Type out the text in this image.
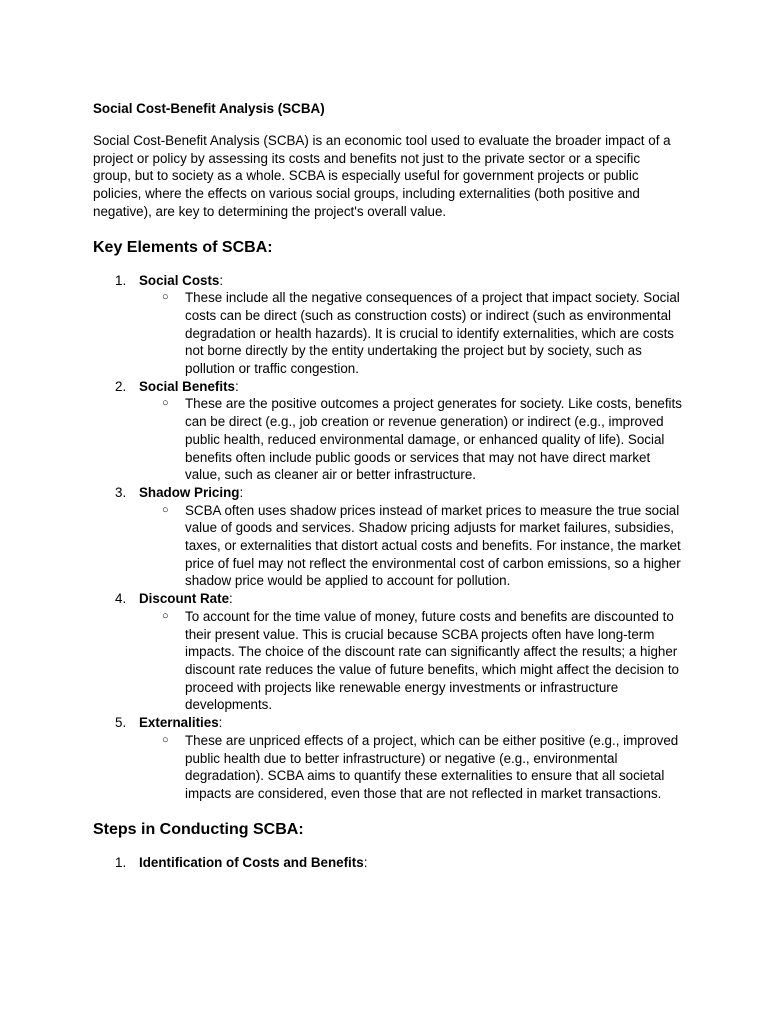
Social Cost-Benefit Analysis (SCBA)

Social Cost-Benefit Analysis (SCBA) is an economic tool used to evaluate the broader impact of a project or policy by assessing its costs and benefits not just to the private sector or a specific group, but to society as a whole. SCBA is especially useful for government projects or public policies, where the effects on various social groups, including externalities (both positive and negative), are key to determining the project's overall value.

Key Elements of SCBA:
1. Social Costs:
○ These include all the negative consequences of a project that impact society. Social costs can be direct (such as construction costs) or indirect (such as environmental degradation or health hazards). It is crucial to identify externalities, which are costs not borne directly by the entity undertaking the project but by society, such as pollution or traffic congestion.
2. Social Benefits:
○ These are the positive outcomes a project generates for society. Like costs, benefits can be direct (e.g., job creation or revenue generation) or indirect (e.g., improved public health, reduced environmental damage, or enhanced quality of life). Social benefits often include public goods or services that may not have direct market value, such as cleaner air or better infrastructure.
3. Shadow Pricing:
○ SCBA often uses shadow prices instead of market prices to measure the true social value of goods and services. Shadow pricing adjusts for market failures, subsidies, taxes, or externalities that distort actual costs and benefits. For instance, the market price of fuel may not reflect the environmental cost of carbon emissions, so a higher shadow price would be applied to account for pollution.
4. Discount Rate:
○ To account for the time value of money, future costs and benefits are discounted to their present value. This is crucial because SCBA projects often have long-term impacts. The choice of the discount rate can significantly affect the results; a higher discount rate reduces the value of future benefits, which might affect the decision to proceed with projects like renewable energy investments or infrastructure developments.
5. Externalities:
○ These are unpriced effects of a project, which can be either positive (e.g., improved public health due to better infrastructure) or negative (e.g., environmental degradation). SCBA aims to quantify these externalities to ensure that all societal impacts are considered, even those that are not reflected in market transactions.
Steps in Conducting SCBA:
1. Identification of Costs and Benefits:
